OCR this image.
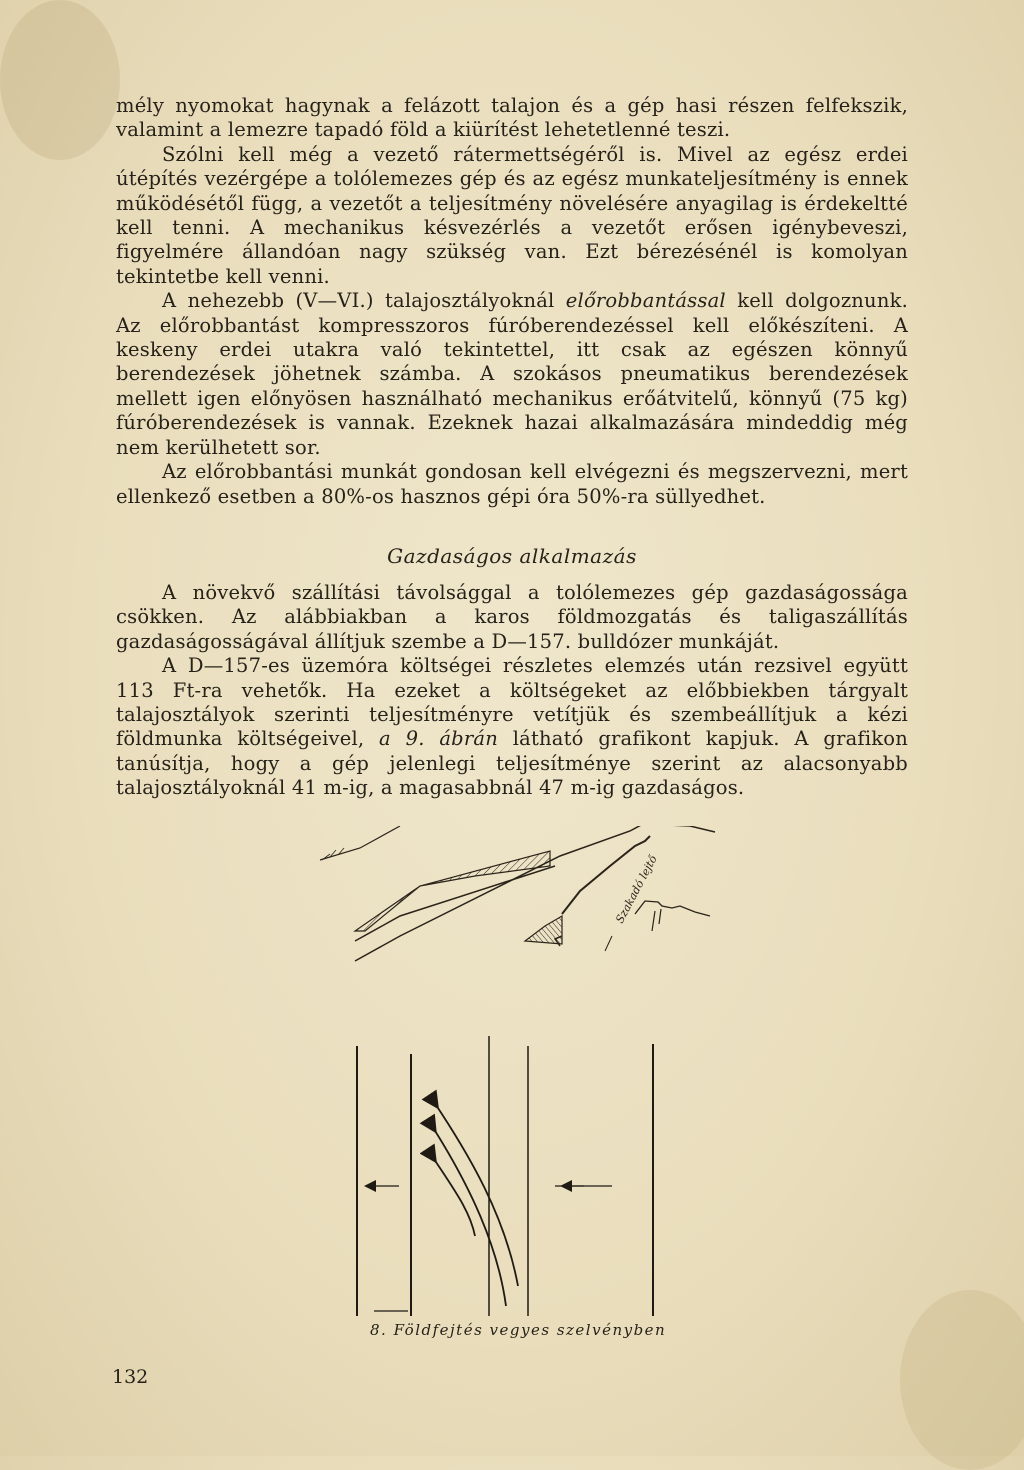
mély nyomokat hagynak a felázott talajon és a gép hasi részen felfekszik, valamint a lemezre tapadó föld a kiürítést lehetetlenné teszi.

Szólni kell még a vezető rátermettségéről is. Mivel az egész erdei útépítés vezérgépe a tolólemezes gép és az egész munkateljesítmény is ennek működésétől függ, a vezetőt a teljesítmény növelésére anyagilag is érdekeltté kell tenni. A mechanikus késvezérlés a vezetőt erősen igénybeveszi, figyelmére állandóan nagy szükség van. Ezt bérezésénél is komolyan tekintetbe kell venni.

A nehezebb (V—VI.) talajosztályoknál előrobbantással kell dolgoznunk. Az előrobbantást kompresszoros fúróberendezéssel kell előkészíteni. A keskeny erdei utakra való tekintettel, itt csak az egészen könnyű berendezések jöhetnek számba. A szokásos pneumatikus berendezések mellett igen előnyösen használható mechanikus erőátvitelű, könnyű (75 kg) fúróberendezések is vannak. Ezeknek hazai alkalmazására mindeddig még nem kerülhetett sor.

Az előrobbantási munkát gondosan kell elvégezni és megszervezni, mert ellenkező esetben a 80%-os hasznos gépi óra 50%-ra süllyedhet.

Gazdaságos alkalmazás

A növekvő szállítási távolsággal a tolólemezes gép gazdaságossága csökken. Az alábbiakban a karos földmozgatás és taligaszállítás gazdaságosságával állítjuk szembe a D—157. bulldózer munkáját.

A D—157-es üzemóra költségei részletes elemzés után rezsivel együtt 113 Ft-ra vehetők. Ha ezeket a költségeket az előbbiekben tárgyalt talajosztályok szerinti teljesítményre vetítjük és szembeállítjuk a kézi földmunka költségeivel, a 9. ábrán látható grafikont kapjuk. A grafikon tanúsítja, hogy a gép jelenlegi teljesítménye szerint az alacsonyabb talajosztályoknál 41 m-ig, a magasabbnál 47 m-ig gazdaságos.

Szakadó lejtő
8. Földfejtés vegyes szelvényben
132
